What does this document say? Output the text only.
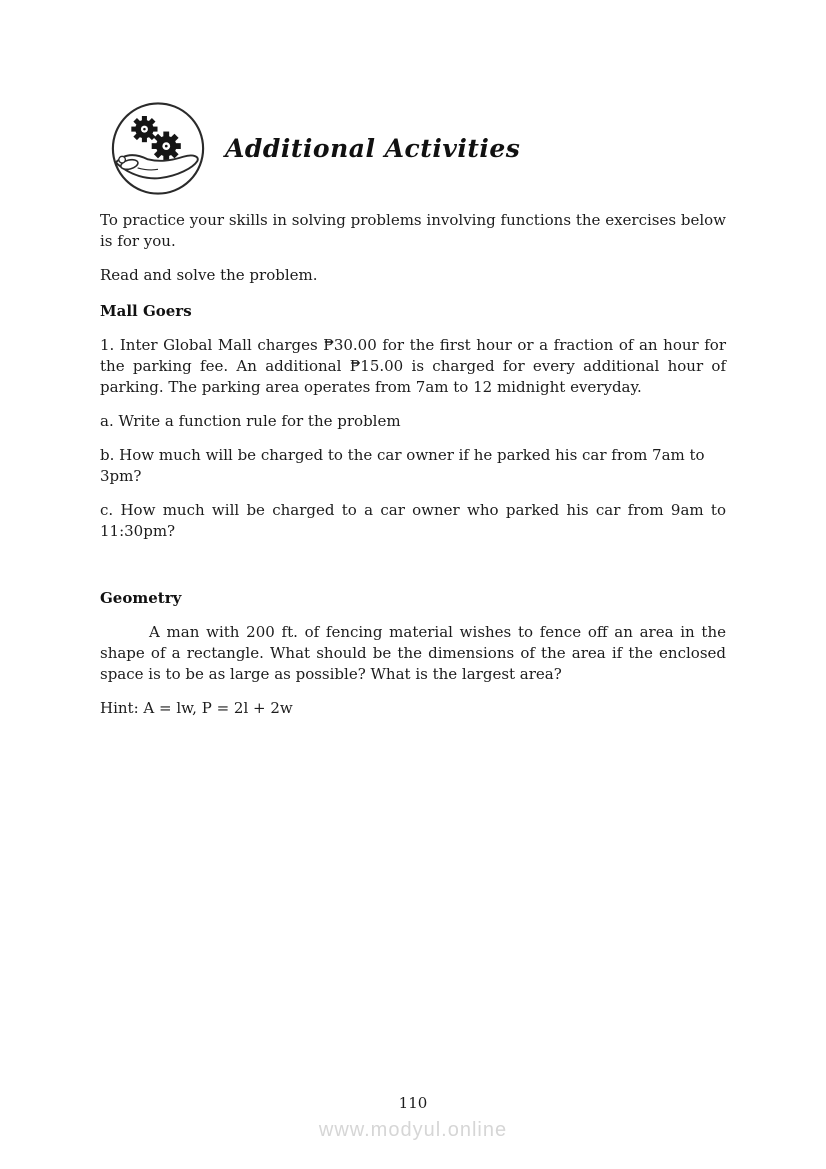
Additional Activities

To practice your skills in solving problems involving functions the exercises below is for you.

Read and solve the problem.

Mall Goers

1. Inter Global Mall charges ₱30.00 for the first hour or a fraction of an hour for the parking fee. An additional ₱15.00 is charged for every additional hour of parking. The parking area operates from 7am to 12 midnight everyday.

a. Write a function rule for the problem

b. How much will be charged to the car owner if he parked his car from 7am to 3pm?

c. How much will be charged to a car owner who parked his car from 9am to 11:30pm?

Geometry

A man with 200 ft. of fencing material wishes to fence off an area in the shape of a rectangle. What should be the dimensions of the area if the enclosed space is to be as large as possible? What is the largest area?

Hint: A = lw, P = 2l + 2w

110
www.modyul.online
